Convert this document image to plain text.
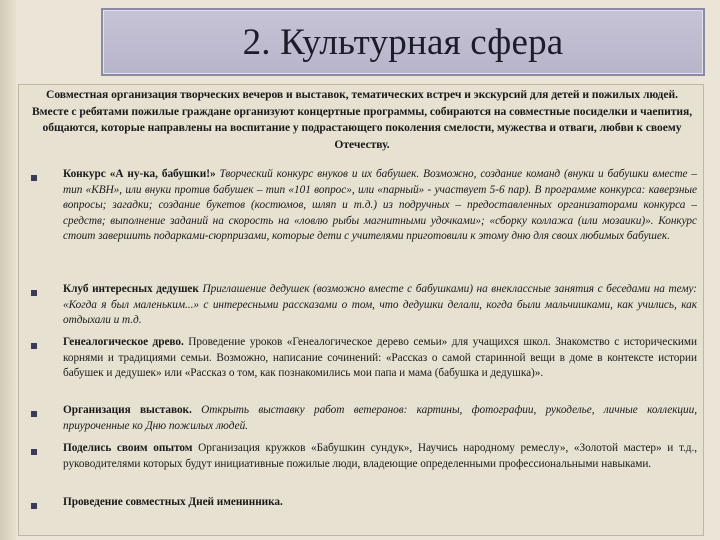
2. Культурная сфера
Совместная организация творческих вечеров и выставок, тематических встреч и экскурсий для детей и пожилых людей. Вместе с ребятами пожилые граждане организуют концертные программы, собираются на совместные посиделки и чаепития, общаются, которые направлены на воспитание у подрастающего поколения смелости, мужества и отваги, любви к своему Отечеству.
Конкурс «А ну-ка, бабушки!» Творческий конкурс внуков и их бабушек. Возможно, создание команд (внуки и бабушки вместе – тип «КВН», или внуки против бабушек – тип «101 вопрос», или «парный» - участвует 5-6 пар). В программе конкурса: каверзные вопросы; загадки; создание букетов (костюмов, шляп и т.д.) из подручных – предоставленных организаторами конкурса – средств; выполнение заданий на скорость на «ловлю рыбы магнитными удочками»; «сборку коллажа (или мозаики)». Конкурс стоит завершить подарками-сюрпризами, которые дети с учителями приготовили к этому дню для своих любимых бабушек.
Клуб интересных дедушек Приглашение дедушек (возможно вместе с бабушками) на внеклассные занятия с беседами на тему: «Когда я был маленьким...» с интересными рассказами о том, что дедушки делали, когда были мальчишками, как учились, как отдыхали и т.д.
Генеалогическое древо. Проведение уроков «Генеалогическое дерево семьи» для учащихся школ. Знакомство с историческими корнями и традициями семьи. Возможно, написание сочинений: «Рассказ о самой старинной вещи в доме в контексте истории бабушек и дедушек» или «Рассказ о том, как познакомились мои папа и мама (бабушка и дедушка)».
Организация выставок. Открыть выставку работ ветеранов: картины, фотографии, рукоделье, личные коллекции, приуроченные ко Дню пожилых людей.
Поделись своим опытом Организация кружков «Бабушкин сундук», Научись народному ремеслу», «Золотой мастер» и т.д., руководителями которых будут инициативные пожилые люди, владеющие определенными профессиональными навыками.
Проведение совместных Дней именинника.
